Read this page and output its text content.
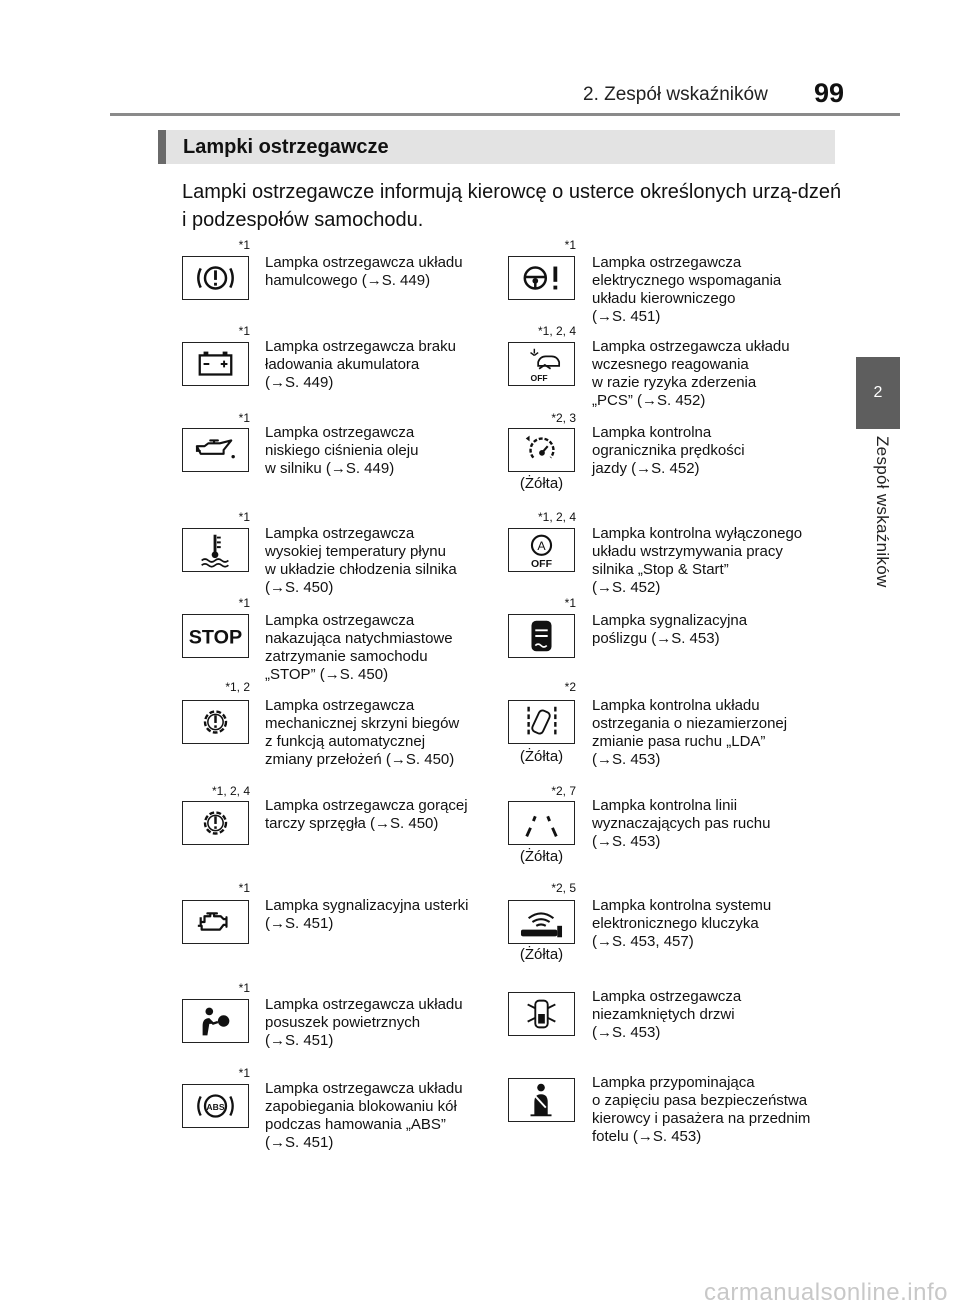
2. Zespół wskaźników 99
2
Zespół wskaźników
Lampki ostrzegawcze
Lampki ostrzegawcze informują kierowcę o usterce określonych urzą-dzeń i podzespołów samochodu.
*1
Lampka ostrzegawcza układu
hamulcowego (→S. 449)
*1
Lampka ostrzegawcza braku
ładowania akumulatora
(→S. 449)
*1
Lampka ostrzegawcza
niskiego ciśnienia oleju
w silniku (→S. 449)
*1
Lampka ostrzegawcza
wysokiej temperatury płynu
w układzie chłodzenia silnika
(→S. 450)
*1
STOP
Lampka ostrzegawcza
nakazująca natychmiastowe
zatrzymanie samochodu
„STOP” (→S. 450)
*1, 2
Lampka ostrzegawcza
mechanicznej skrzyni biegów
z funkcją automatycznej
zmiany przełożeń (→S. 450)
*1, 2, 4
Lampka ostrzegawcza gorącej
tarczy sprzęgła (→S. 450)
*1
Lampka sygnalizacyjna usterki
(→S. 451)
*1
Lampka ostrzegawcza układu
posuszek powietrznych
(→S. 451)
*1
ABS
Lampka ostrzegawcza układu
zapobiegania blokowaniu kół
podczas hamowania „ABS”
(→S. 451)
*1
Lampka ostrzegawcza
elektrycznego wspomagania
układu kierowniczego
(→S. 451)
*1, 2, 4
OFF
Lampka ostrzegawcza układu
wczesnego reagowania
w razie ryzyka zderzenia
„PCS” (→S. 452)
*2, 3
(Żółta)
Lampka kontrolna
ogranicznika prędkości
jazdy (→S. 452)
*1, 2, 4
A
OFF
Lampka kontrolna wyłączonego
układu wstrzymywania pracy
silnika „Stop & Start”
(→S. 452)
*1
Lampka sygnalizacyjna
poślizgu (→S. 453)
*2
(Żółta)
Lampka kontrolna układu
ostrzegania o niezamierzonej
zmianie pasa ruchu „LDA”
(→S. 453)
*2, 7
(Żółta)
Lampka kontrolna linii
wyznaczających pas ruchu
(→S. 453)
*2, 5
(Żółta)
Lampka kontrolna systemu
elektronicznego kluczyka
(→S. 453, 457)
Lampka ostrzegawcza
niezamkniętych drzwi
(→S. 453)
Lampka przypominająca
o zapięciu pasa bezpieczeństwa
kierowcy i pasażera na przednim
fotelu (→S. 453)
carmanualsonline.info
